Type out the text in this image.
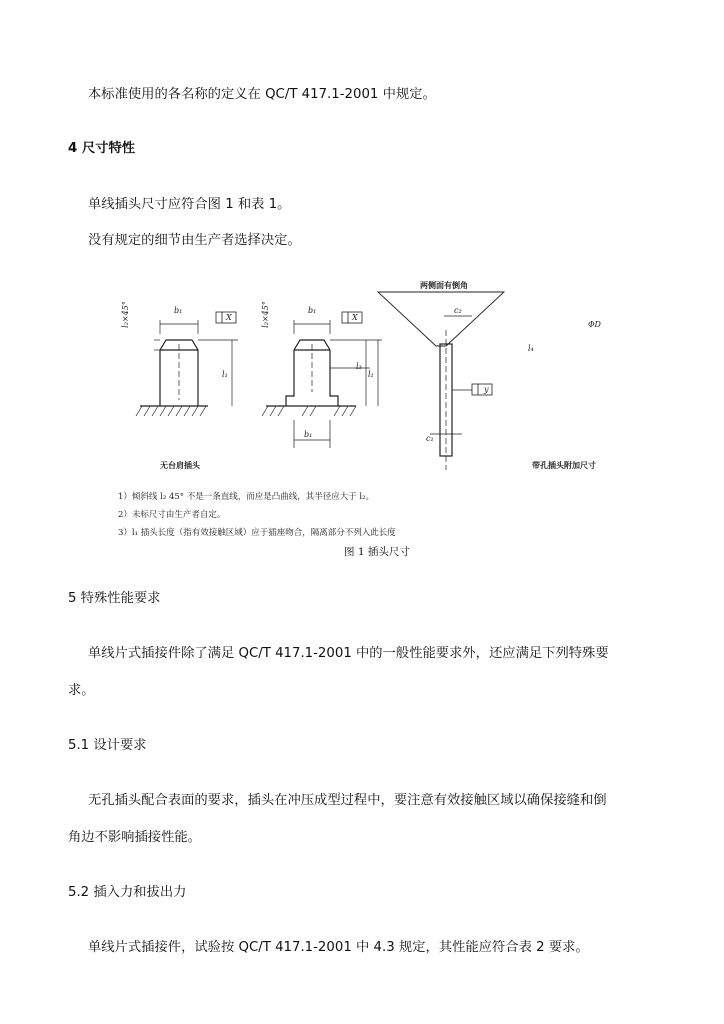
本标准使用的各名称的定义在 QC/T 417.1-2001 中规定。
4 尺寸特性
单线插头尺寸应符合图 1 和表 1。
没有规定的细节由生产者选择决定。
两侧面有倒角
无台肩插头	带孔插头附加尺寸
l₂×45°	l₂×45°
b₁	b₁
b₁
X	X
l₁	l₁
l₃
c₂
c₁
y
l₄
ΦD
1）倾斜线 l₂ 45° 不是一条直线，而应是凸曲线，其半径应大于 l₂。
2）未标尺寸由生产者自定。
3）l₁ 插头长度（指有效接触区域）应于插座吻合，隔离部分不列入此长度
图 1 插头尺寸
5 特殊性能要求
单线片式插接件除了满足 QC/T 417.1-2001 中的一般性能要求外，还应满足下列特殊要
求。
5.1 设计要求
无孔插头配合表面的要求，插头在冲压成型过程中，要注意有效接触区域以确保接缝和倒
角边不影响插接性能。
5.2 插入力和拔出力
单线片式插接件，试验按 QC/T 417.1-2001 中 4.3 规定，其性能应符合表 2 要求。
